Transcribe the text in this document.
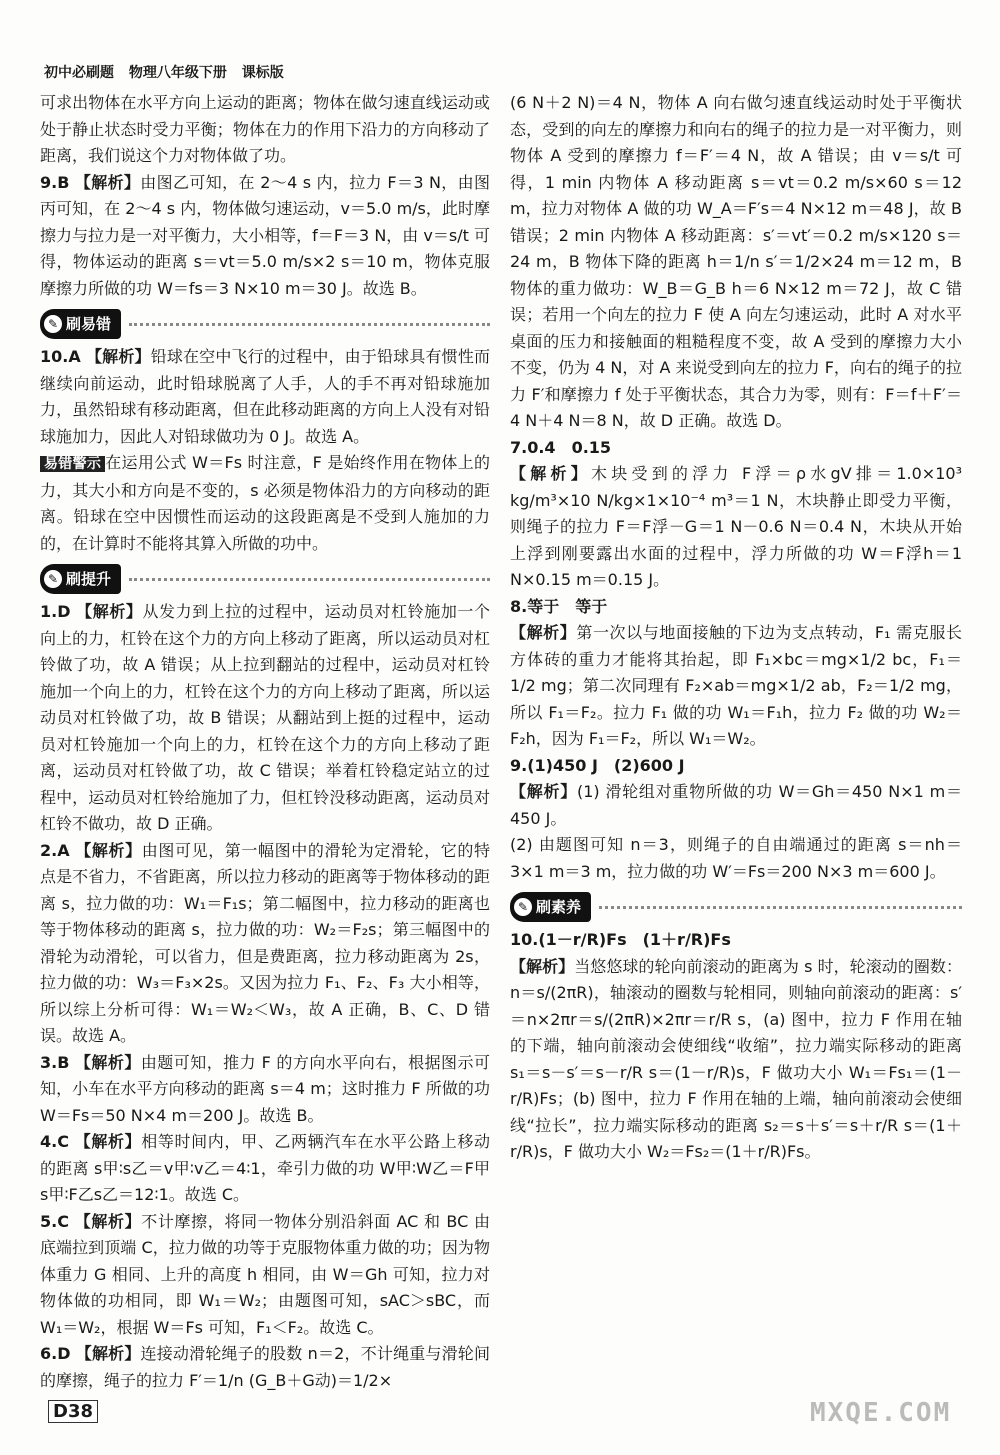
初中必刷题 物理八年级下册 课标版

可求出物体在水平方向上运动的距离；物体在做匀速直线运动或处于静止状态时受力平衡；物体在力的作用下沿力的方向移动了距离，我们说这个力对物体做了功。

9.B 【解析】由图乙可知，在 2～4 s 内，拉力 F＝3 N，由图丙可知，在 2～4 s 内，物体做匀速运动，v＝5.0 m/s，此时摩擦力与拉力是一对平衡力，大小相等，f＝F＝3 N，由 v＝s/t 可得，物体运动的距离 s＝vt＝5.0 m/s×2 s＝10 m，物体克服摩擦力所做的功 W＝fs＝3 N×10 m＝30 J。故选 B。

✎ 刷易错

10.A 【解析】铅球在空中飞行的过程中，由于铅球具有惯性而继续向前运动，此时铅球脱离了人手，人的手不再对铅球施加力，虽然铅球有移动距离，但在此移动距离的方向上人没有对铅球施加力，因此人对铅球做功为 0 J。故选 A。

易错警示 在运用公式 W＝Fs 时注意，F 是始终作用在物体上的力，其大小和方向是不变的，s 必须是物体沿力的方向移动的距离。铅球在空中因惯性而运动的这段距离是不受到人施加的力的，在计算时不能将其算入所做的功中。

✎ 刷提升

1.D 【解析】从发力到上拉的过程中，运动员对杠铃施加一个向上的力，杠铃在这个力的方向上移动了距离，所以运动员对杠铃做了功，故 A 错误；从上拉到翻站的过程中，运动员对杠铃施加一个向上的力，杠铃在这个力的方向上移动了距离，所以运动员对杠铃做了功，故 B 错误；从翻站到上挺的过程中，运动员对杠铃施加一个向上的力，杠铃在这个力的方向上移动了距离，运动员对杠铃做了功，故 C 错误；举着杠铃稳定站立的过程中，运动员对杠铃给施加了力，但杠铃没移动距离，运动员对杠铃不做功，故 D 正确。

2.A 【解析】由图可见，第一幅图中的滑轮为定滑轮，它的特点是不省力，不省距离，所以拉力移动的距离等于物体移动的距离 s，拉力做的功：W₁＝F₁s；第二幅图中，拉力移动的距离也等于物体移动的距离 s，拉力做的功：W₂＝F₂s；第三幅图中的滑轮为动滑轮，可以省力，但是费距离，拉力移动距离为 2s，拉力做的功：W₃＝F₃×2s。又因为拉力 F₁、F₂、F₃ 大小相等，所以综上分析可得：W₁＝W₂＜W₃，故 A 正确，B、C、D 错误。故选 A。

3.B 【解析】由题可知，推力 F 的方向水平向右，根据图示可知，小车在水平方向移动的距离 s＝4 m；这时推力 F 所做的功 W＝Fs＝50 N×4 m＝200 J。故选 B。

4.C 【解析】相等时间内，甲、乙两辆汽车在水平公路上移动的距离 s甲∶s乙＝v甲∶v乙＝4∶1，牵引力做的功 W甲∶W乙＝F甲s甲∶F乙s乙＝12∶1。故选 C。

5.C 【解析】不计摩擦，将同一物体分别沿斜面 AC 和 BC 由底端拉到顶端 C，拉力做的功等于克服物体重力做的功；因为物体重力 G 相同、上升的高度 h 相同，由 W＝Gh 可知，拉力对物体做的功相同，即 W₁＝W₂；由题图可知，sAC＞sBC，而 W₁＝W₂，根据 W＝Fs 可知，F₁＜F₂。故选 C。

6.D 【解析】连接动滑轮绳子的股数 n＝2，不计绳重与滑轮间的摩擦，绳子的拉力 F′＝1/n (G_B＋G动)＝1/2×

(6 N＋2 N)＝4 N，物体 A 向右做匀速直线运动时处于平衡状态，受到的向左的摩擦力和向右的绳子的拉力是一对平衡力，则物体 A 受到的摩擦力 f＝F′＝4 N，故 A 错误；由 v＝s/t 可得，1 min 内物体 A 移动距离 s＝vt＝0.2 m/s×60 s＝12 m，拉力对物体 A 做的功 W_A＝F′s＝4 N×12 m＝48 J，故 B 错误；2 min 内物体 A 移动距离：s′＝vt′＝0.2 m/s×120 s＝24 m，B 物体下降的距离 h＝1/n s′＝1/2×24 m＝12 m，B 物体的重力做功：W_B＝G_B h＝6 N×12 m＝72 J，故 C 错误；若用一个向左的拉力 F 使 A 向左匀速运动，此时 A 对水平桌面的压力和接触面的粗糙程度不变，故 A 受到的摩擦力大小不变，仍为 4 N，对 A 来说受到向左的拉力 F，向右的绳子的拉力 F′和摩擦力 f 处于平衡状态，其合力为零，则有：F＝f＋F′＝4 N＋4 N＝8 N，故 D 正确。故选 D。

7.0.4　0.15

【解析】木块受到的浮力 F浮＝ρ水gV排＝1.0×10³ kg/m³×10 N/kg×1×10⁻⁴ m³＝1 N，木块静止即受力平衡，则绳子的拉力 F＝F浮－G＝1 N－0.6 N＝0.4 N，木块从开始上浮到刚要露出水面的过程中，浮力所做的功 W＝F浮h＝1 N×0.15 m＝0.15 J。

8.等于　等于

【解析】第一次以与地面接触的下边为支点转动，F₁ 需克服长方体砖的重力才能将其抬起，即 F₁×bc＝mg×1/2 bc，F₁＝1/2 mg；第二次同理有 F₂×ab＝mg×1/2 ab，F₂＝1/2 mg，所以 F₁＝F₂。拉力 F₁ 做的功 W₁＝F₁h，拉力 F₂ 做的功 W₂＝F₂h，因为 F₁＝F₂，所以 W₁＝W₂。

9.(1)450 J　(2)600 J

【解析】(1) 滑轮组对重物所做的功 W＝Gh＝450 N×1 m＝450 J。

(2) 由题图可知 n＝3，则绳子的自由端通过的距离 s＝nh＝3×1 m＝3 m，拉力做的功 W′＝Fs＝200 N×3 m＝600 J。

✎ 刷素养

10.(1－r/R)Fs　(1＋r/R)Fs

【解析】当悠悠球的轮向前滚动的距离为 s 时，轮滚动的圈数：n＝s/(2πR)，轴滚动的圈数与轮相同，则轴向前滚动的距离：s′＝n×2πr＝s/(2πR)×2πr＝r/R s，(a) 图中，拉力 F 作用在轴的下端，轴向前滚动会使细线“收缩”，拉力端实际移动的距离 s₁＝s－s′＝s－r/R s＝(1－r/R)s，F 做功大小 W₁＝Fs₁＝(1－r/R)Fs；(b) 图中，拉力 F 作用在轴的上端，轴向前滚动会使细线“拉长”，拉力端实际移动的距离 s₂＝s＋s′＝s＋r/R s＝(1＋r/R)s，F 做功大小 W₂＝Fs₂＝(1＋r/R)Fs。

D38	MXQE.COM
